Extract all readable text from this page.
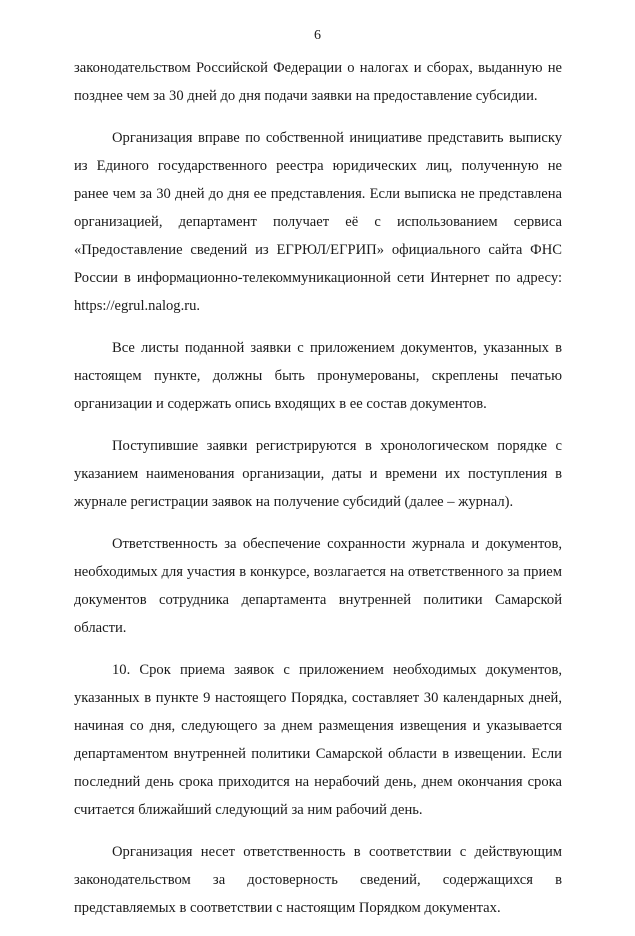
6

законодательством Российской Федерации о налогах и сборах, выданную не позднее чем за 30 дней до дня подачи заявки на предоставление субсидии.

Организация вправе по собственной инициативе представить выписку из Единого государственного реестра юридических лиц, полученную не ранее чем за 30 дней до дня ее представления. Если выписка не представлена организацией, департамент получает её с использованием сервиса «Предоставление сведений из ЕГРЮЛ/ЕГРИП» официального сайта ФНС России в информационно-телекоммуникационной сети Интернет по адресу: https://egrul.nalog.ru.

Все листы поданной заявки с приложением документов, указанных в настоящем пункте, должны быть пронумерованы, скреплены печатью организации и содержать опись входящих в ее состав документов.

Поступившие заявки регистрируются в хронологическом порядке с указанием наименования организации, даты и времени их поступления в журнале регистрации заявок на получение субсидий (далее – журнал).

Ответственность за обеспечение сохранности журнала и документов, необходимых для участия в конкурсе, возлагается на ответственного за прием документов сотрудника департамента внутренней политики Самарской области.

10. Срок приема заявок с приложением необходимых документов, указанных в пункте 9 настоящего Порядка, составляет 30 календарных дней, начиная со дня, следующего за днем размещения извещения и указывается департаментом внутренней политики Самарской области в извещении. Если последний день срока приходится на нерабочий день, днем окончания срока считается ближайший следующий за ним рабочий день.

Организация несет ответственность в соответствии с действующим законодательством за достоверность сведений, содержащихся в представляемых в соответствии с настоящим Порядком документах.
